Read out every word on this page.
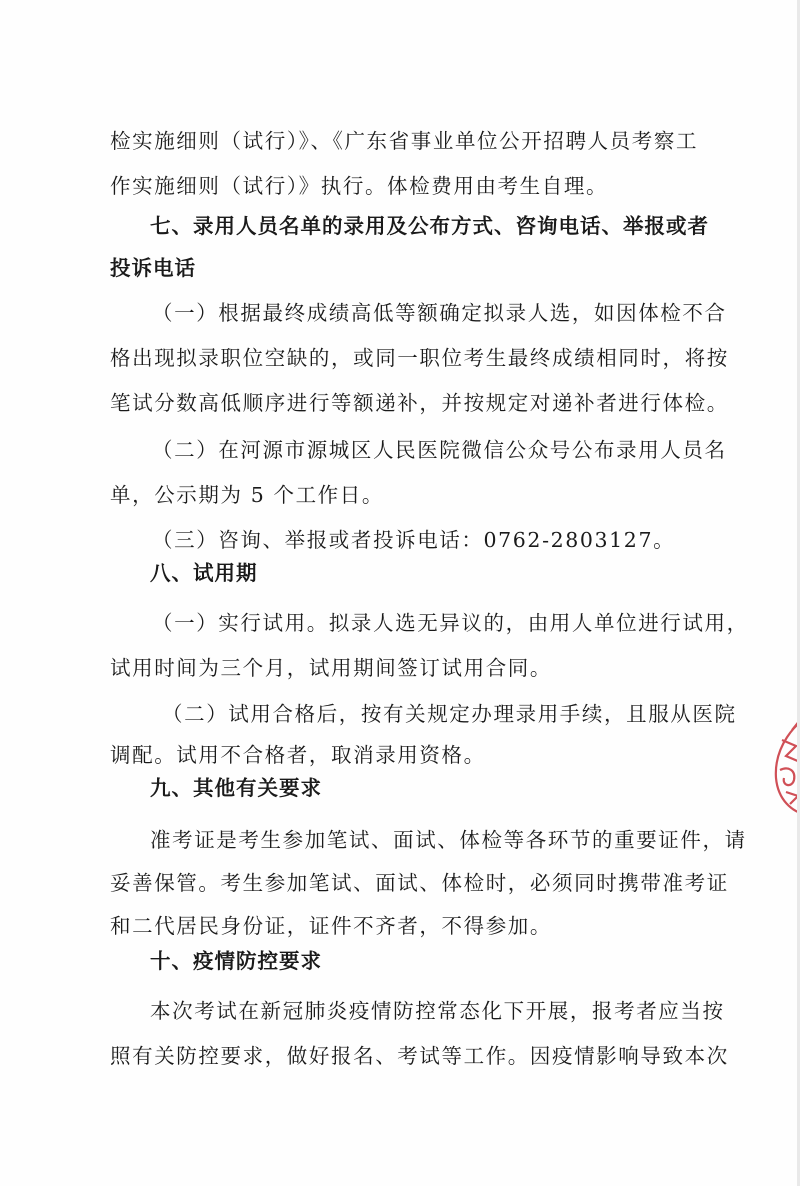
检实施细则（试行）》、《广东省事业单位公开招聘人员考察工
作实施细则（试行）》执行。体检费用由考生自理。
七、录用人员名单的录用及公布方式、咨询电话、举报或者
投诉电话
（一）根据最终成绩高低等额确定拟录人选，如因体检不合
格出现拟录职位空缺的，或同一职位考生最终成绩相同时，将按
笔试分数高低顺序进行等额递补，并按规定对递补者进行体检。
（二）在河源市源城区人民医院微信公众号公布录用人员名
单，公示期为 5 个工作日。
（三）咨询、举报或者投诉电话：0762-2803127。
八、试用期
（一）实行试用。拟录人选无异议的，由用人单位进行试用，
试用时间为三个月，试用期间签订试用合同。
（二）试用合格后，按有关规定办理录用手续，且服从医院
调配。试用不合格者，取消录用资格。
九、其他有关要求
准考证是考生参加笔试、面试、体检等各环节的重要证件，请
妥善保管。考生参加笔试、面试、体检时，必须同时携带准考证
和二代居民身份证，证件不齐者，不得参加。
十、疫情防控要求
本次考试在新冠肺炎疫情防控常态化下开展，报考者应当按
照有关防控要求，做好报名、考试等工作。因疫情影响导致本次
